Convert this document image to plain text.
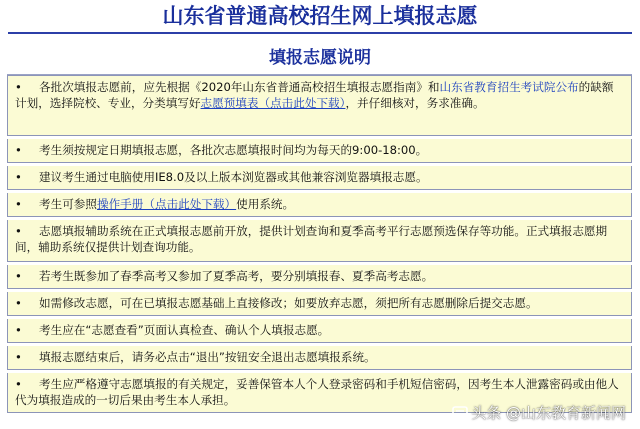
山东省普通高校招生网上填报志愿
填报志愿说明
• 各批次填报志愿前，应先根据《2020年山东省普通高校招生填报志愿指南》和山东省教育招生考试院公布的缺额计划，选择院校、专业，分类填写好志愿预填表（点击此处下载），并仔细核对，务求准确。
• 考生须按规定日期填报志愿，各批次志愿填报时间均为每天的9:00-18:00。
• 建议考生通过电脑使用IE8.0及以上版本浏览器或其他兼容浏览器填报志愿。
• 考生可参照操作手册（点击此处下载）使用系统。
• 志愿填报辅助系统在正式填报志愿前开放，提供计划查询和夏季高考平行志愿预选保存等功能。正式填报志愿期间，辅助系统仅提供计划查询功能。
• 若考生既参加了春季高考又参加了夏季高考，要分别填报春、夏季高考志愿。
• 如需修改志愿，可在已填报志愿基础上直接修改；如要放弃志愿，须把所有志愿删除后提交志愿。
• 考生应在“志愿查看”页面认真检查、确认个人填报志愿。
• 填报志愿结束后，请务必点击“退出”按钮安全退出志愿填报系统。
• 考生应严格遵守志愿填报的有关规定，妥善保管本人个人登录密码和手机短信密码，因考生本人泄露密码或由他人代为填报造成的一切后果由考生本人承担。
头条 @山东教育新闻网
